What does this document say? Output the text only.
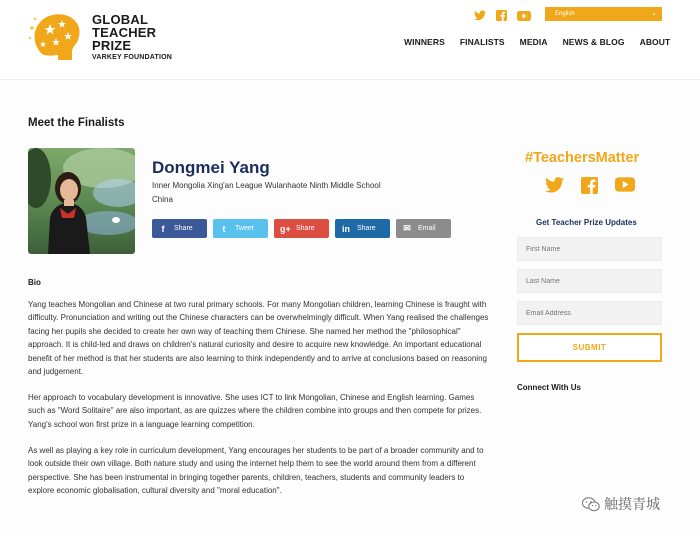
GLOBAL
TEACHER
PRIZE
VARKEY FOUNDATION
English	⌄
WINNERS FINALISTS MEDIA NEWS & BLOG ABOUT
Meet the Finalists
Dongmei Yang
Inner Mongolia Xing'an League Wulanhaote Ninth Middle School
China
f	Share	t	Tweet	g+ Share	in Share	✉ Email
Bio

Yang teaches Mongolian and Chinese at two rural primary schools. For many Mongolian children, learning Chinese is fraught with difficulty. Pronunciation and writing out the Chinese characters can be overwhelmingly difficult. When Yang realised the challenges facing her pupils she decided to create her own way of teaching them Chinese. She named her method the "philosophical" approach. It is child-led and draws on children's natural curiosity and desire to acquire new knowledge. An important educational benefit of her method is that her students are also learning to think independently and to arrive at conclusions based on reasoning and judgement.

Her approach to vocabulary development is innovative. She uses ICT to link Mongolian, Chinese and English learning. Games such as "Word Solitaire" are also important, as are quizzes where the children combine into groups and then compete for prizes. Yang's school won first prize in a language learning competition.

As well as playing a key role in curriculum development, Yang encourages her students to be part of a broader community and to look outside their own village. Both nature study and using the internet help them to see the world around them from a different perspective. She has been instrumental in bringing together parents, children, teachers, students and community leaders to explore economic globalisation, cultural diversity and "moral education".

#TeachersMatter
Get Teacher Prize Updates
First Name
Last Name
Email Address
SUBMIT
Connect With Us
触摸青城
